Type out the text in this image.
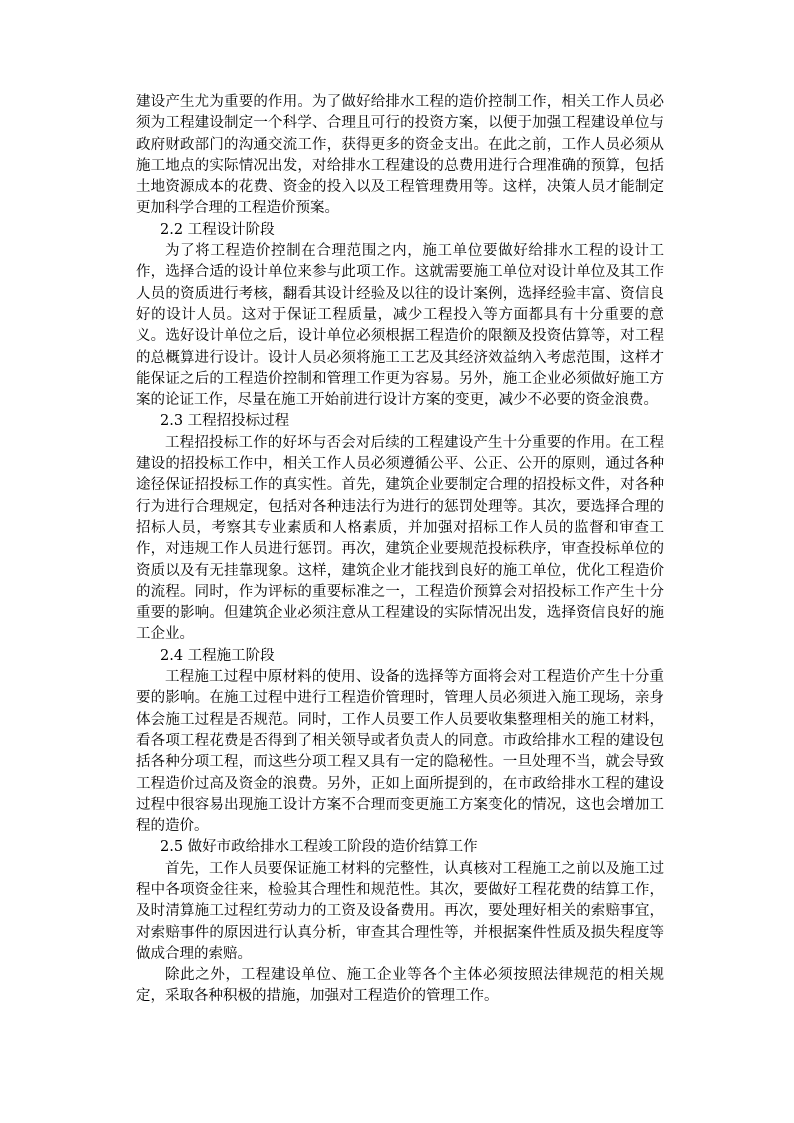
建设产生尤为重要的作用。为了做好给排水工程的造价控制工作，相关工作人员必须为工程建设制定一个科学、合理且可行的投资方案，以便于加强工程建设单位与政府财政部门的沟通交流工作，获得更多的资金支出。在此之前，工作人员必须从施工地点的实际情况出发，对给排水工程建设的总费用进行合理准确的预算，包括土地资源成本的花费、资金的投入以及工程管理费用等。这样，决策人员才能制定更加科学合理的工程造价预案。

2.2 工程设计阶段

为了将工程造价控制在合理范围之内，施工单位要做好给排水工程的设计工作，选择合适的设计单位来参与此项工作。这就需要施工单位对设计单位及其工作人员的资质进行考核，翻看其设计经验及以往的设计案例，选择经验丰富、资信良好的设计人员。这对于保证工程质量，减少工程投入等方面都具有十分重要的意义。选好设计单位之后，设计单位必须根据工程造价的限额及投资估算等，对工程的总概算进行设计。设计人员必须将施工工艺及其经济效益纳入考虑范围，这样才能保证之后的工程造价控制和管理工作更为容易。另外，施工企业必须做好施工方案的论证工作，尽量在施工开始前进行设计方案的变更，减少不必要的资金浪费。

2.3 工程招投标过程

工程招投标工作的好坏与否会对后续的工程建设产生十分重要的作用。在工程建设的招投标工作中，相关工作人员必须遵循公平、公正、公开的原则，通过各种途径保证招投标工作的真实性。首先，建筑企业要制定合理的招投标文件，对各种行为进行合理规定，包括对各种违法行为进行的惩罚处理等。其次，要选择合理的招标人员，考察其专业素质和人格素质，并加强对招标工作人员的监督和审查工作，对违规工作人员进行惩罚。再次，建筑企业要规范投标秩序，审查投标单位的资质以及有无挂靠现象。这样，建筑企业才能找到良好的施工单位，优化工程造价的流程。同时，作为评标的重要标准之一，工程造价预算会对招投标工作产生十分重要的影响。但建筑企业必须注意从工程建设的实际情况出发，选择资信良好的施工企业。

2.4 工程施工阶段

工程施工过程中原材料的使用、设备的选择等方面将会对工程造价产生十分重要的影响。在施工过程中进行工程造价管理时，管理人员必须进入施工现场，亲身体会施工过程是否规范。同时，工作人员要工作人员要收集整理相关的施工材料，看各项工程花费是否得到了相关领导或者负责人的同意。市政给排水工程的建设包括各种分项工程，而这些分项工程又具有一定的隐秘性。一旦处理不当，就会导致工程造价过高及资金的浪费。另外，正如上面所提到的，在市政给排水工程的建设过程中很容易出现施工设计方案不合理而变更施工方案变化的情况，这也会增加工程的造价。

2.5 做好市政给排水工程竣工阶段的造价结算工作

首先，工作人员要保证施工材料的完整性，认真核对工程施工之前以及施工过程中各项资金往来，检验其合理性和规范性。其次，要做好工程花费的结算工作，及时清算施工过程红劳动力的工资及设备费用。再次，要处理好相关的索赔事宜，对索赔事件的原因进行认真分析，审查其合理性等，并根据案件性质及损失程度等做成合理的索赔。

除此之外，工程建设单位、施工企业等各个主体必须按照法律规范的相关规定，采取各种积极的措施，加强对工程造价的管理工作。
